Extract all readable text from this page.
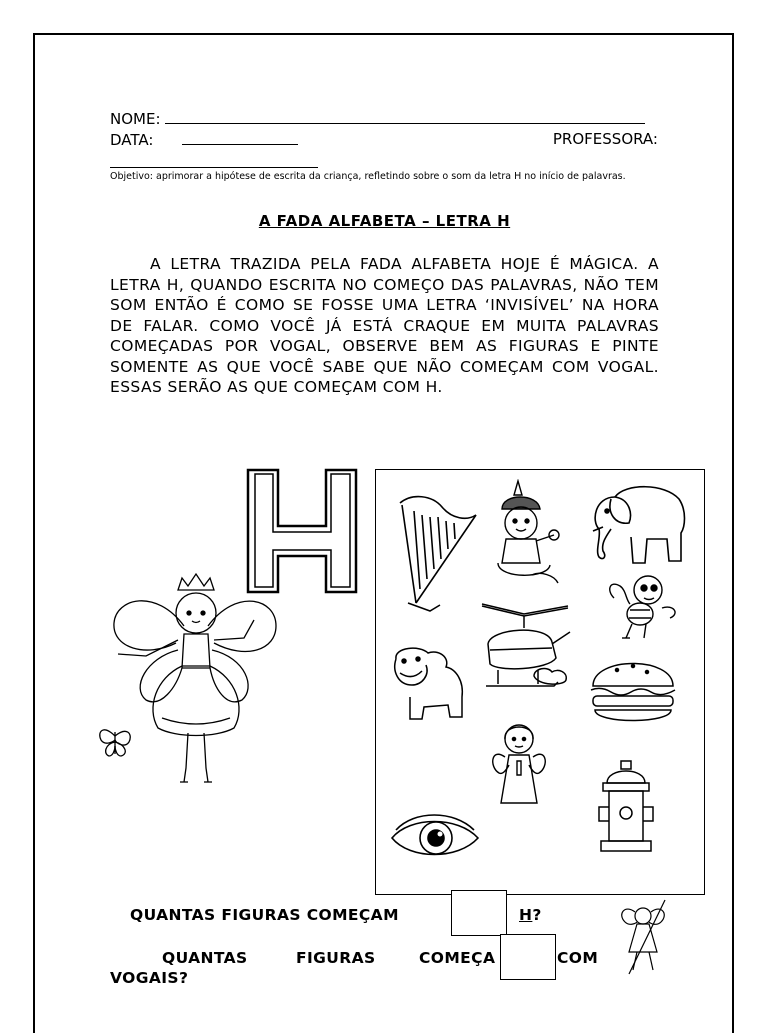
NOME:
DATA:	PROFESSORA:
Objetivo: aprimorar a hipótese de escrita da criança, refletindo sobre o som da letra H no início de palavras.
A FADA ALFABETA – LETRA H
A LETRA TRAZIDA PELA FADA ALFABETA HOJE É MÁGICA. A LETRA H, QUANDO ESCRITA NO COMEÇO DAS PALAVRAS, NÃO TEM SOM ENTÃO É COMO SE FOSSE UMA LETRA ‘INVISÍVEL’ NA HORA DE FALAR. COMO VOCÊ JÁ ESTÁ CRAQUE EM MUITA PALAVRAS COMEÇADAS POR VOGAL, OBSERVE BEM AS FIGURAS E PINTE SOMENTE AS QUE VOCÊ SABE QUE NÃO COMEÇAM COM VOGAL. ESSAS SERÃO AS QUE COMEÇAM COM H.
QUANTAS FIGURAS COMEÇAM	H?
QUANTAS	FIGURAS	COMEÇA	COM
VOGAIS?
